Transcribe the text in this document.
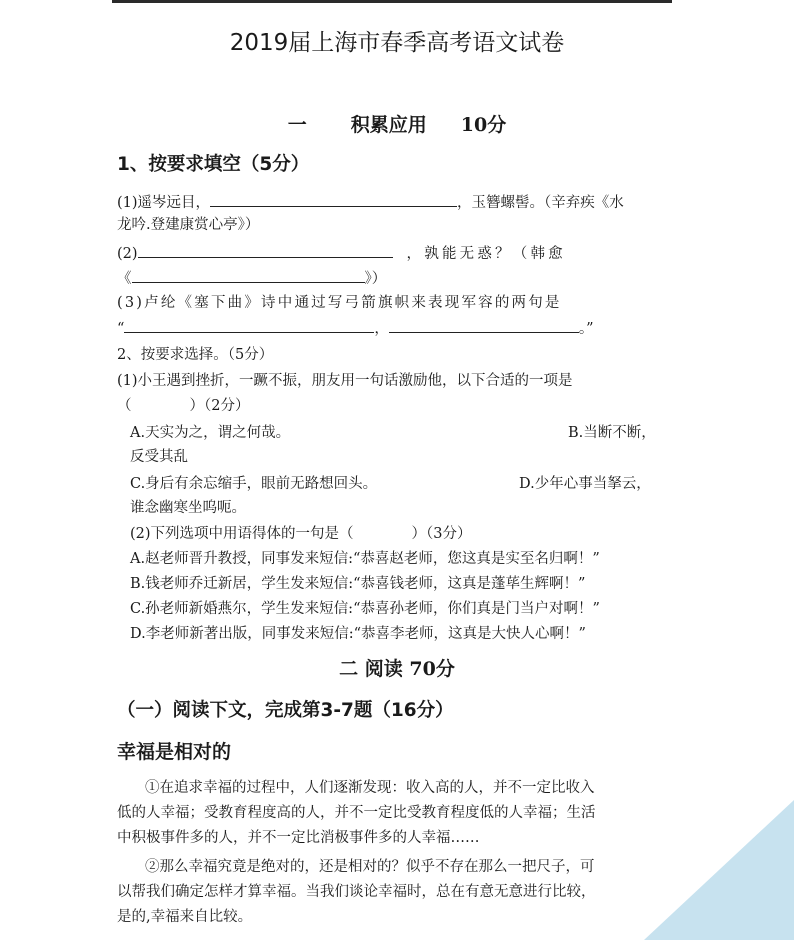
2019届上海市春季高考语文试卷
一 积累应用 10分
1、按要求填空（5分）
(1)遥岑远目，	，玉簪螺髻。（辛弃疾《水
龙吟.登建康赏心亭》）
(2)	，孰能无惑？（韩愈
《	》）
(3)卢纶《塞下曲》诗中通过写弓箭旗帜来表现军容的两句是
“	，	。”
2、按要求选择。（5分）
(1)小王遇到挫折，一蹶不振，朋友用一句话激励他，以下合适的一项是
（　　　　）（2分）
A.天实为之，谓之何哉。	B.当断不断，
反受其乱
C.身后有余忘缩手，眼前无路想回头。	D.少年心事当拏云，
谁念幽寒坐呜呃。
(2)下列选项中用语得体的一句是（　　　　）（3分）
A.赵老师晋升教授，同事发来短信:“恭喜赵老师，您这真是实至名归啊！”
B.钱老师乔迁新居，学生发来短信:“恭喜钱老师，这真是蓬荜生辉啊！”
C.孙老师新婚燕尔，学生发来短信:“恭喜孙老师，你们真是门当户对啊！”
D.李老师新著出版，同事发来短信:“恭喜李老师，这真是大快人心啊！”
二 阅读 70分
（一）阅读下文，完成第3-7题（16分）
幸福是相对的
①在追求幸福的过程中，人们逐渐发现：收入高的人，并不一定比收入
低的人幸福；受教育程度高的人，并不一定比受教育程度低的人幸福；生活
中积极事件多的人，并不一定比消极事件多的人幸福……
②那么幸福究竟是绝对的，还是相对的？似乎不存在那么一把尺子，可
以帮我们确定怎样才算幸福。当我们谈论幸福时，总在有意无意进行比较，
是的,幸福来自比较。
